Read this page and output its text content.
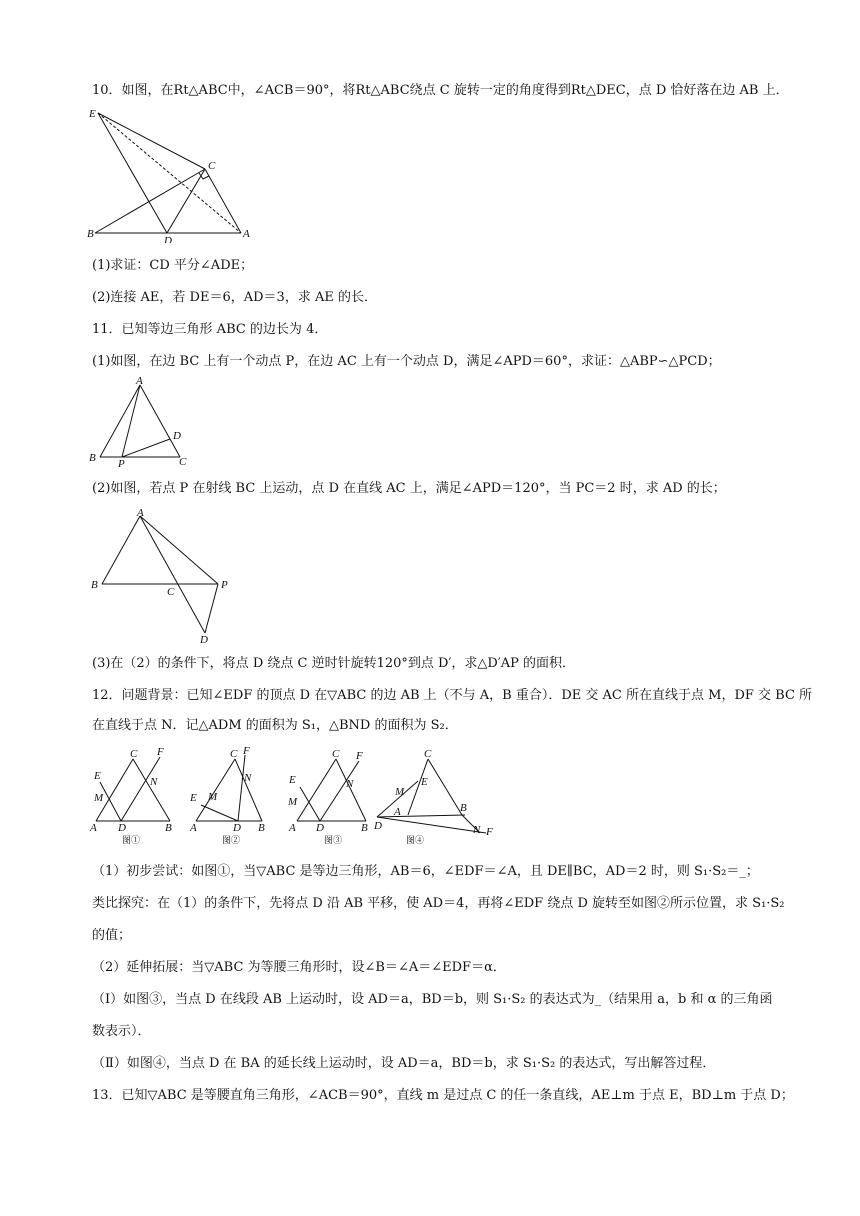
10．如图，在Rt△ABC中，∠ACB＝90°，将Rt△ABC绕点 C 旋转一定的角度得到Rt△DEC，点 D 恰好落在边 AB 上．
E
C
B
D
A
(1)求证：CD 平分∠ADE；
(2)连接 AE，若 DE＝6，AD＝3，求 AE 的长．
11．已知等边三角形 ABC 的边长为 4．
(1)如图，在边 BC 上有一个动点 P，在边 AC 上有一个动点 D，满足∠APD＝60°，求证：△ABP∽△PCD；
A
D
B P	C
(2)如图，若点 P 在射线 BC 上运动，点 D 在直线 AC 上，满足∠APD＝120°，当 PC＝2 时，求 AD 的长；
A
B
C
P
D
(3)在（2）的条件下，将点 D 绕点 C 逆时针旋转120°到点 D′，求△D′AP 的面积．
12．问题背景：已知∠EDF 的顶点 D 在▽ABC 的边 AB 上（不与 A，B 重合）．DE 交 AC 所在直线于点 M，DF 交 BC 所
在直线于点 N．记△ADM 的面积为 S₁，△BND 的面积为 S₂．
C F
E	N
M
A D	B
图①
C F
N
E M
A	D B
图②
C F
E	N
M
A D	B
图③
C
E
M
A	B
D	N F
图④
（1）初步尝试：如图①，当▽ABC 是等边三角形，AB＝6，∠EDF＝∠A，且 DE∥BC，AD＝2 时，则 S₁·S₂＝_；
类比探究：在（1）的条件下，先将点 D 沿 AB 平移，使 AD＝4，再将∠EDF 绕点 D 旋转至如图②所示位置，求 S₁·S₂
的值；
（2）延伸拓展：当▽ABC 为等腰三角形时，设∠B＝∠A＝∠EDF＝α．
（Ⅰ）如图③，当点 D 在线段 AB 上运动时，设 AD＝a，BD＝b，则 S₁·S₂ 的表达式为_（结果用 a，b 和 α 的三角函
数表示）．
（Ⅱ）如图④，当点 D 在 BA 的延长线上运动时，设 AD＝a，BD＝b，求 S₁·S₂ 的表达式，写出解答过程．
13．已知▽ABC 是等腰直角三角形，∠ACB＝90°，直线 m 是过点 C 的任一条直线，AE⊥m 于点 E，BD⊥m 于点 D；
